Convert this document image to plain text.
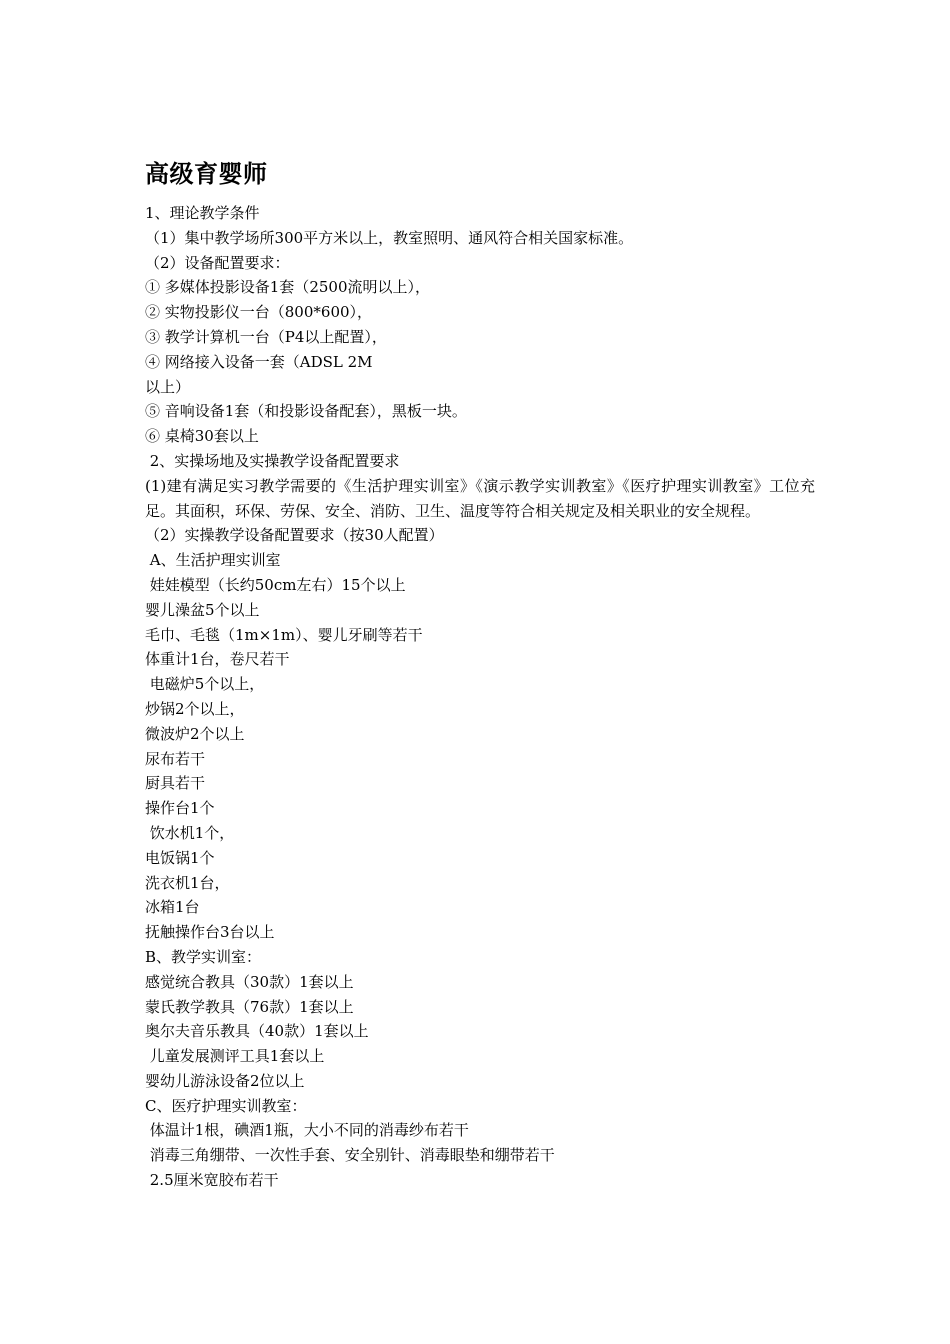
高级育婴师
1、理论教学条件
（1）集中教学场所300平方米以上，教室照明、通风符合相关国家标准。
（2）设备配置要求：
① 多媒体投影设备1套（2500流明以上），
② 实物投影仪一台（800*600），
③ 教学计算机一台（P4以上配置），
④ 网络接入设备一套（ADSL 2M
以上）
⑤ 音响设备1套（和投影设备配套），黑板一块。
⑥ 桌椅30套以上
2、实操场地及实操教学设备配置要求

(1)建有满足实习教学需要的《生活护理实训室》《演示教学实训教室》《医疗护理实训教室》工位充足。其面积，环保、劳保、安全、消防、卫生、温度等符合相关规定及相关职业的安全规程。

（2）实操教学设备配置要求（按30人配置）
A、生活护理实训室
娃娃模型（长约50cm左右）15个以上
婴儿澡盆5个以上
毛巾、毛毯（1m×1m）、婴儿牙刷等若干
体重计1台，卷尺若干
电磁炉5个以上，
炒锅2个以上，
微波炉2个以上
尿布若干
厨具若干
操作台1个
饮水机1个，
电饭锅1个
洗衣机1台，
冰箱1台
抚触操作台3台以上
B、教学实训室：
感觉统合教具（30款）1套以上
蒙氏教学教具（76款）1套以上
奥尔夫音乐教具（40款）1套以上
儿童发展测评工具1套以上
婴幼儿游泳设备2位以上
C、医疗护理实训教室：
体温计1根，碘酒1瓶，大小不同的消毒纱布若干
消毒三角绷带、一次性手套、安全别针、消毒眼垫和绷带若干
2.5厘米宽胶布若干
